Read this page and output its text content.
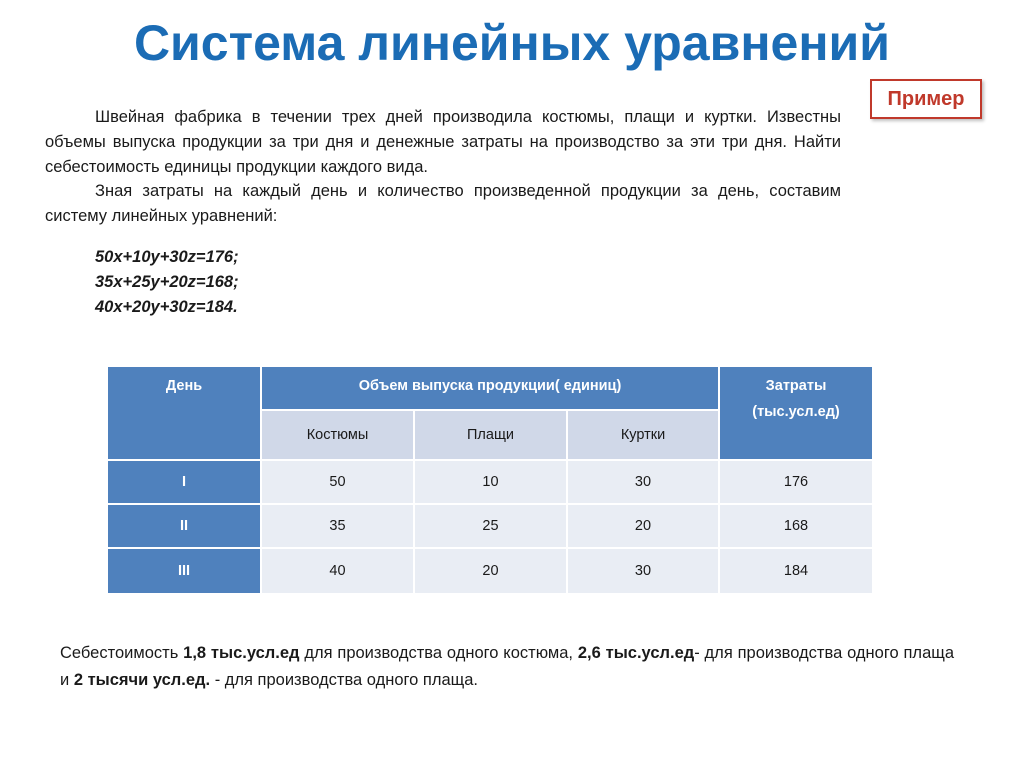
Система линейных уравнений
Пример

Швейная фабрика в течении трех дней производила костюмы, плащи и куртки. Известны объемы выпуска продукции за три дня и денежные затраты на производство за эти три дня. Найти себестоимость единицы продукции каждого вида.

Зная затраты на каждый день и количество произведенной продукции за день, составим систему линейных уравнений:

50x+10y+30z=176;
35x+25y+20z=168;
40x+20y+30z=184.
День	Объем выпуска продукции( единиц)	Затраты
(тыс.усл.ед)
Костюмы	Плащи	Куртки
I	50	10	30	176
II	35	25	20	168
III	40	20	30	184

Себестоимость 1,8 тыс.усл.ед для производства одного костюма, 2,6 тыс.усл.ед- для производства одного плаща и 2 тысячи усл.ед. - для производства одного плаща.
